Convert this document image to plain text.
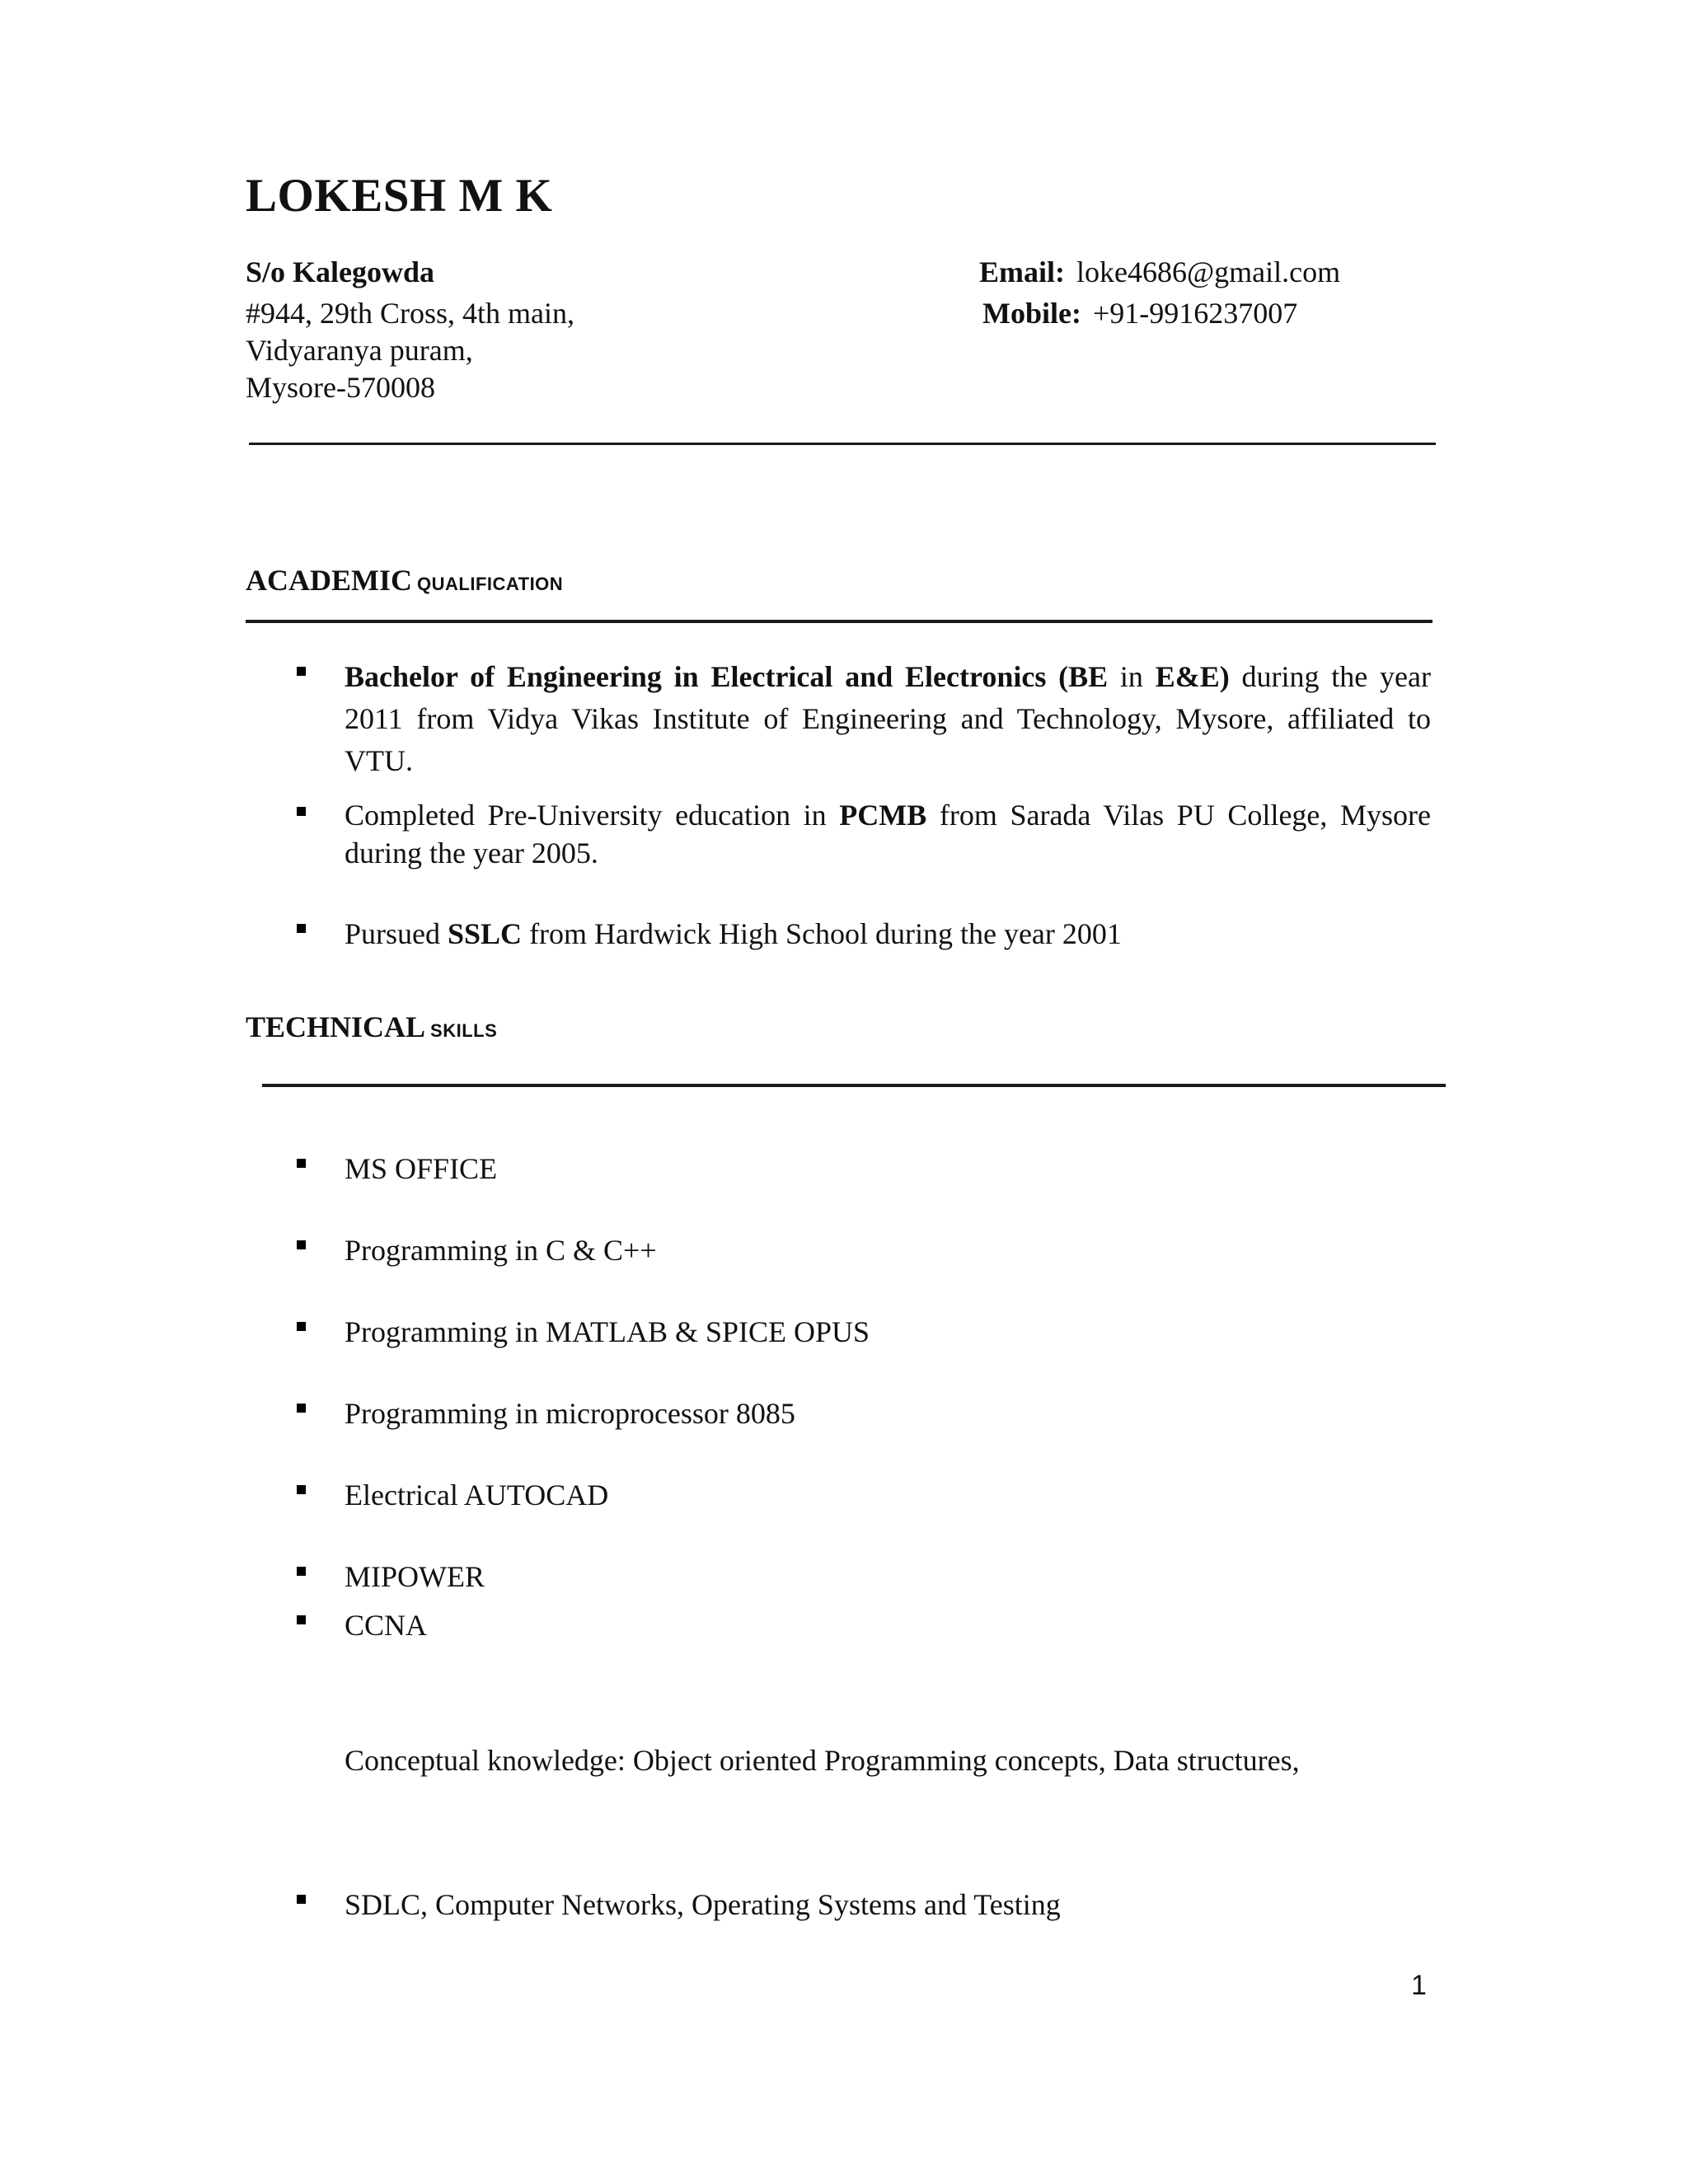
LOKESH M K
S/o Kalegowda
#944, 29th Cross, 4th main,
Vidyaranya puram,
Mysore-570008
Email: loke4686@gmail.com
Mobile: +91-9916237007
ACADEMIC QUALIFICATION
Bachelor of Engineering in Electrical and Electronics (BE in E&E) during the year 2011 from Vidya Vikas Institute of Engineering and Technology, Mysore, affiliated to VTU.
Completed Pre-University education in PCMB from Sarada Vilas PU College, Mysore during the year 2005.
Pursued SSLC from Hardwick High School during the year 2001
TECHNICAL SKILLS
MS OFFICE
Programming in C & C++
Programming in MATLAB & SPICE OPUS
Programming in microprocessor 8085
Electrical AUTOCAD
MIPOWER
CCNA
Conceptual knowledge: Object oriented Programming concepts, Data structures,
SDLC, Computer Networks, Operating Systems and Testing
1
